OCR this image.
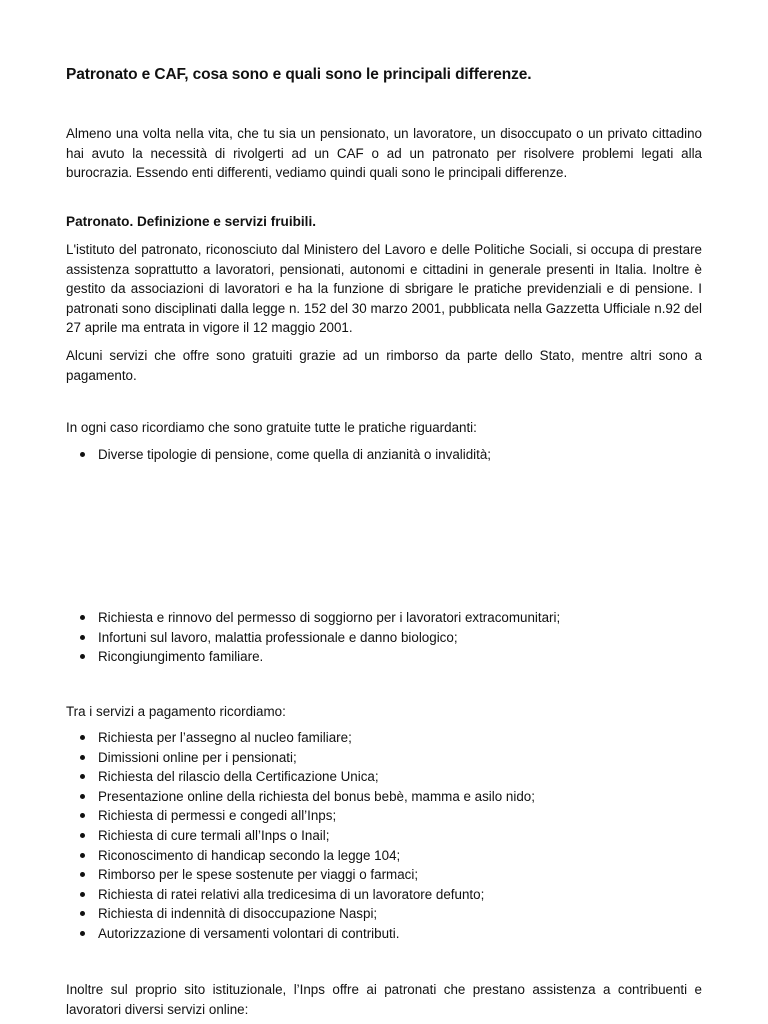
Patronato e CAF, cosa sono e quali sono le principali differenze.
Almeno una volta nella vita, che tu sia un pensionato, un lavoratore, un disoccupato o un privato cittadino hai avuto la necessità di rivolgerti ad un CAF o ad un patronato per risolvere problemi legati alla burocrazia. Essendo enti differenti, vediamo quindi quali sono le principali differenze.
Patronato. Definizione e servizi fruibili.
L'istituto del patronato, riconosciuto dal Ministero del Lavoro e delle Politiche Sociali, si occupa di prestare assistenza soprattutto a lavoratori, pensionati, autonomi e cittadini in generale presenti in Italia. Inoltre è gestito da associazioni di lavoratori e ha la funzione di sbrigare le pratiche previdenziali e di pensione. I patronati sono disciplinati dalla legge n. 152 del 30 marzo 2001, pubblicata nella Gazzetta Ufficiale n.92 del 27 aprile ma entrata in vigore il 12 maggio 2001.
Alcuni servizi che offre sono gratuiti grazie ad un rimborso da parte dello Stato, mentre altri sono a pagamento.
In ogni caso ricordiamo che sono gratuite tutte le pratiche riguardanti:
Diverse tipologie di pensione, come quella di anzianità o invalidità;
Richiesta e rinnovo del permesso di soggiorno per i lavoratori extracomunitari;
Infortuni sul lavoro, malattia professionale e danno biologico;
Ricongiungimento familiare.
Tra i servizi a pagamento ricordiamo:
Richiesta per l’assegno al nucleo familiare;
Dimissioni online per i pensionati;
Richiesta del rilascio della Certificazione Unica;
Presentazione online della richiesta del bonus bebè, mamma e asilo nido;
Richiesta di permessi e congedi all’Inps;
Richiesta di cure termali all’Inps o Inail;
Riconoscimento di handicap secondo la legge 104;
Rimborso per le spese sostenute per viaggi o farmaci;
Richiesta di ratei relativi alla tredicesima di un lavoratore defunto;
Richiesta di indennità di disoccupazione Naspi;
Autorizzazione di versamenti volontari di contributi.
Inoltre sul proprio sito istituzionale, l’Inps offre ai patronati che prestano assistenza a contribuenti e lavoratori diversi servizi online:
